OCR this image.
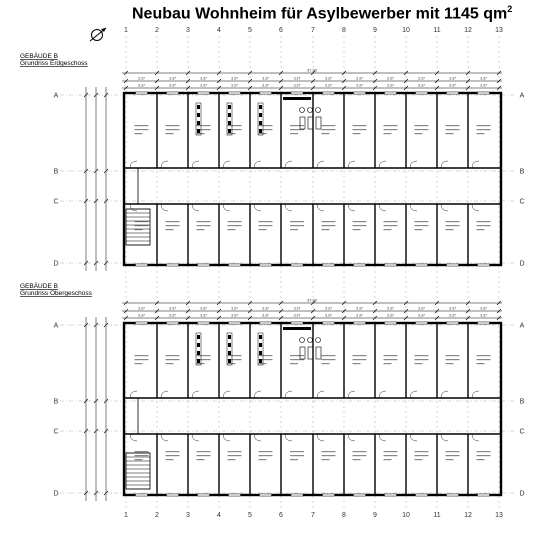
Neubau Wohnheim für Asylbewerber mit 1145 $qm^2$
1	2	3	4	5	6	7	8	9	10	11	12	13
1	2	3	4	5	6	7	8	9	10	11	12	13
GEBÄUDE B
Grundriss Erdgeschoss
37.80
3.37
3.37
3.37
3.37
3.37
3.37
3.37
3.37
3.37
3.37
3.37
3.37
3.37
3.37
3.37
3.37
3.37
3.37
3.37
3.37
3.37
3.37
3.37
3.37
A	A
B	B
C	C
D	D
GEBÄUDE B
Grundriss Obergeschoss
37.80
3.37
3.37
3.37
3.37
3.37
3.37
3.37
3.37
3.37
3.37
3.37
3.37
3.37
3.37
3.37
3.37
3.37
3.37
3.37
3.37
3.37
3.37
3.37
3.37
A	A
B	B
C	C
D	D
